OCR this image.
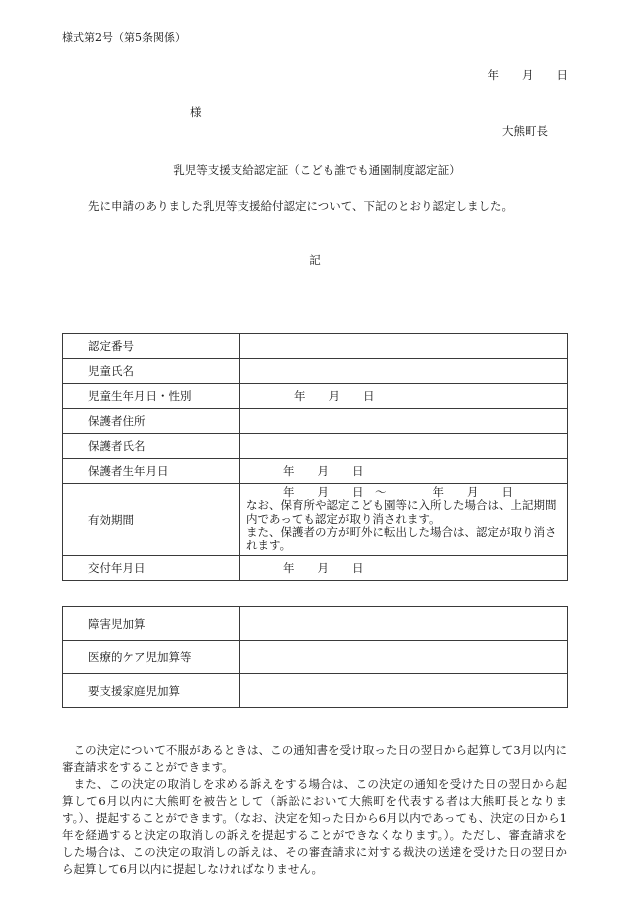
様式第2号（第5条関係）
年　　月　　日
様
大熊町長
乳児等支援支給認定証（こども誰でも通園制度認定証）
先に申請のありました乳児等支援給付認定について、下記のとおり認定しました。
記
認定番号	
児童氏名	
児童生年月日・性別	年　　月　　日
保護者住所	
保護者氏名	
保護者生年月日	年　　月　　日
有効期間	年　　月　　日　～　　　　年　　月　　日

なお、保育所や認定こども園等に入所した場合は、上記期間内であっても認定が取り消されます。

また、保護者の方が町外に転出した場合は、認定が取り消されます。

交付年月日	年　　月　　日
障害児加算	
医療的ケア児加算等	
要支援家庭児加算	

この決定について不服があるときは、この通知書を受け取った日の翌日から起算して3月以内に審査請求をすることができます。

また、この決定の取消しを求める訴えをする場合は、この決定の通知を受けた日の翌日から起算して6月以内に大熊町を被告として（訴訟において大熊町を代表する者は大熊町長となります。）、提起することができます。（なお、決定を知った日から6月以内であっても、決定の日から1年を経過すると決定の取消しの訴えを提起することができなくなります。）。ただし、審査請求をした場合は、この決定の取消しの訴えは、その審査請求に対する裁決の送達を受けた日の翌日から起算して6月以内に提起しなければなりません。
